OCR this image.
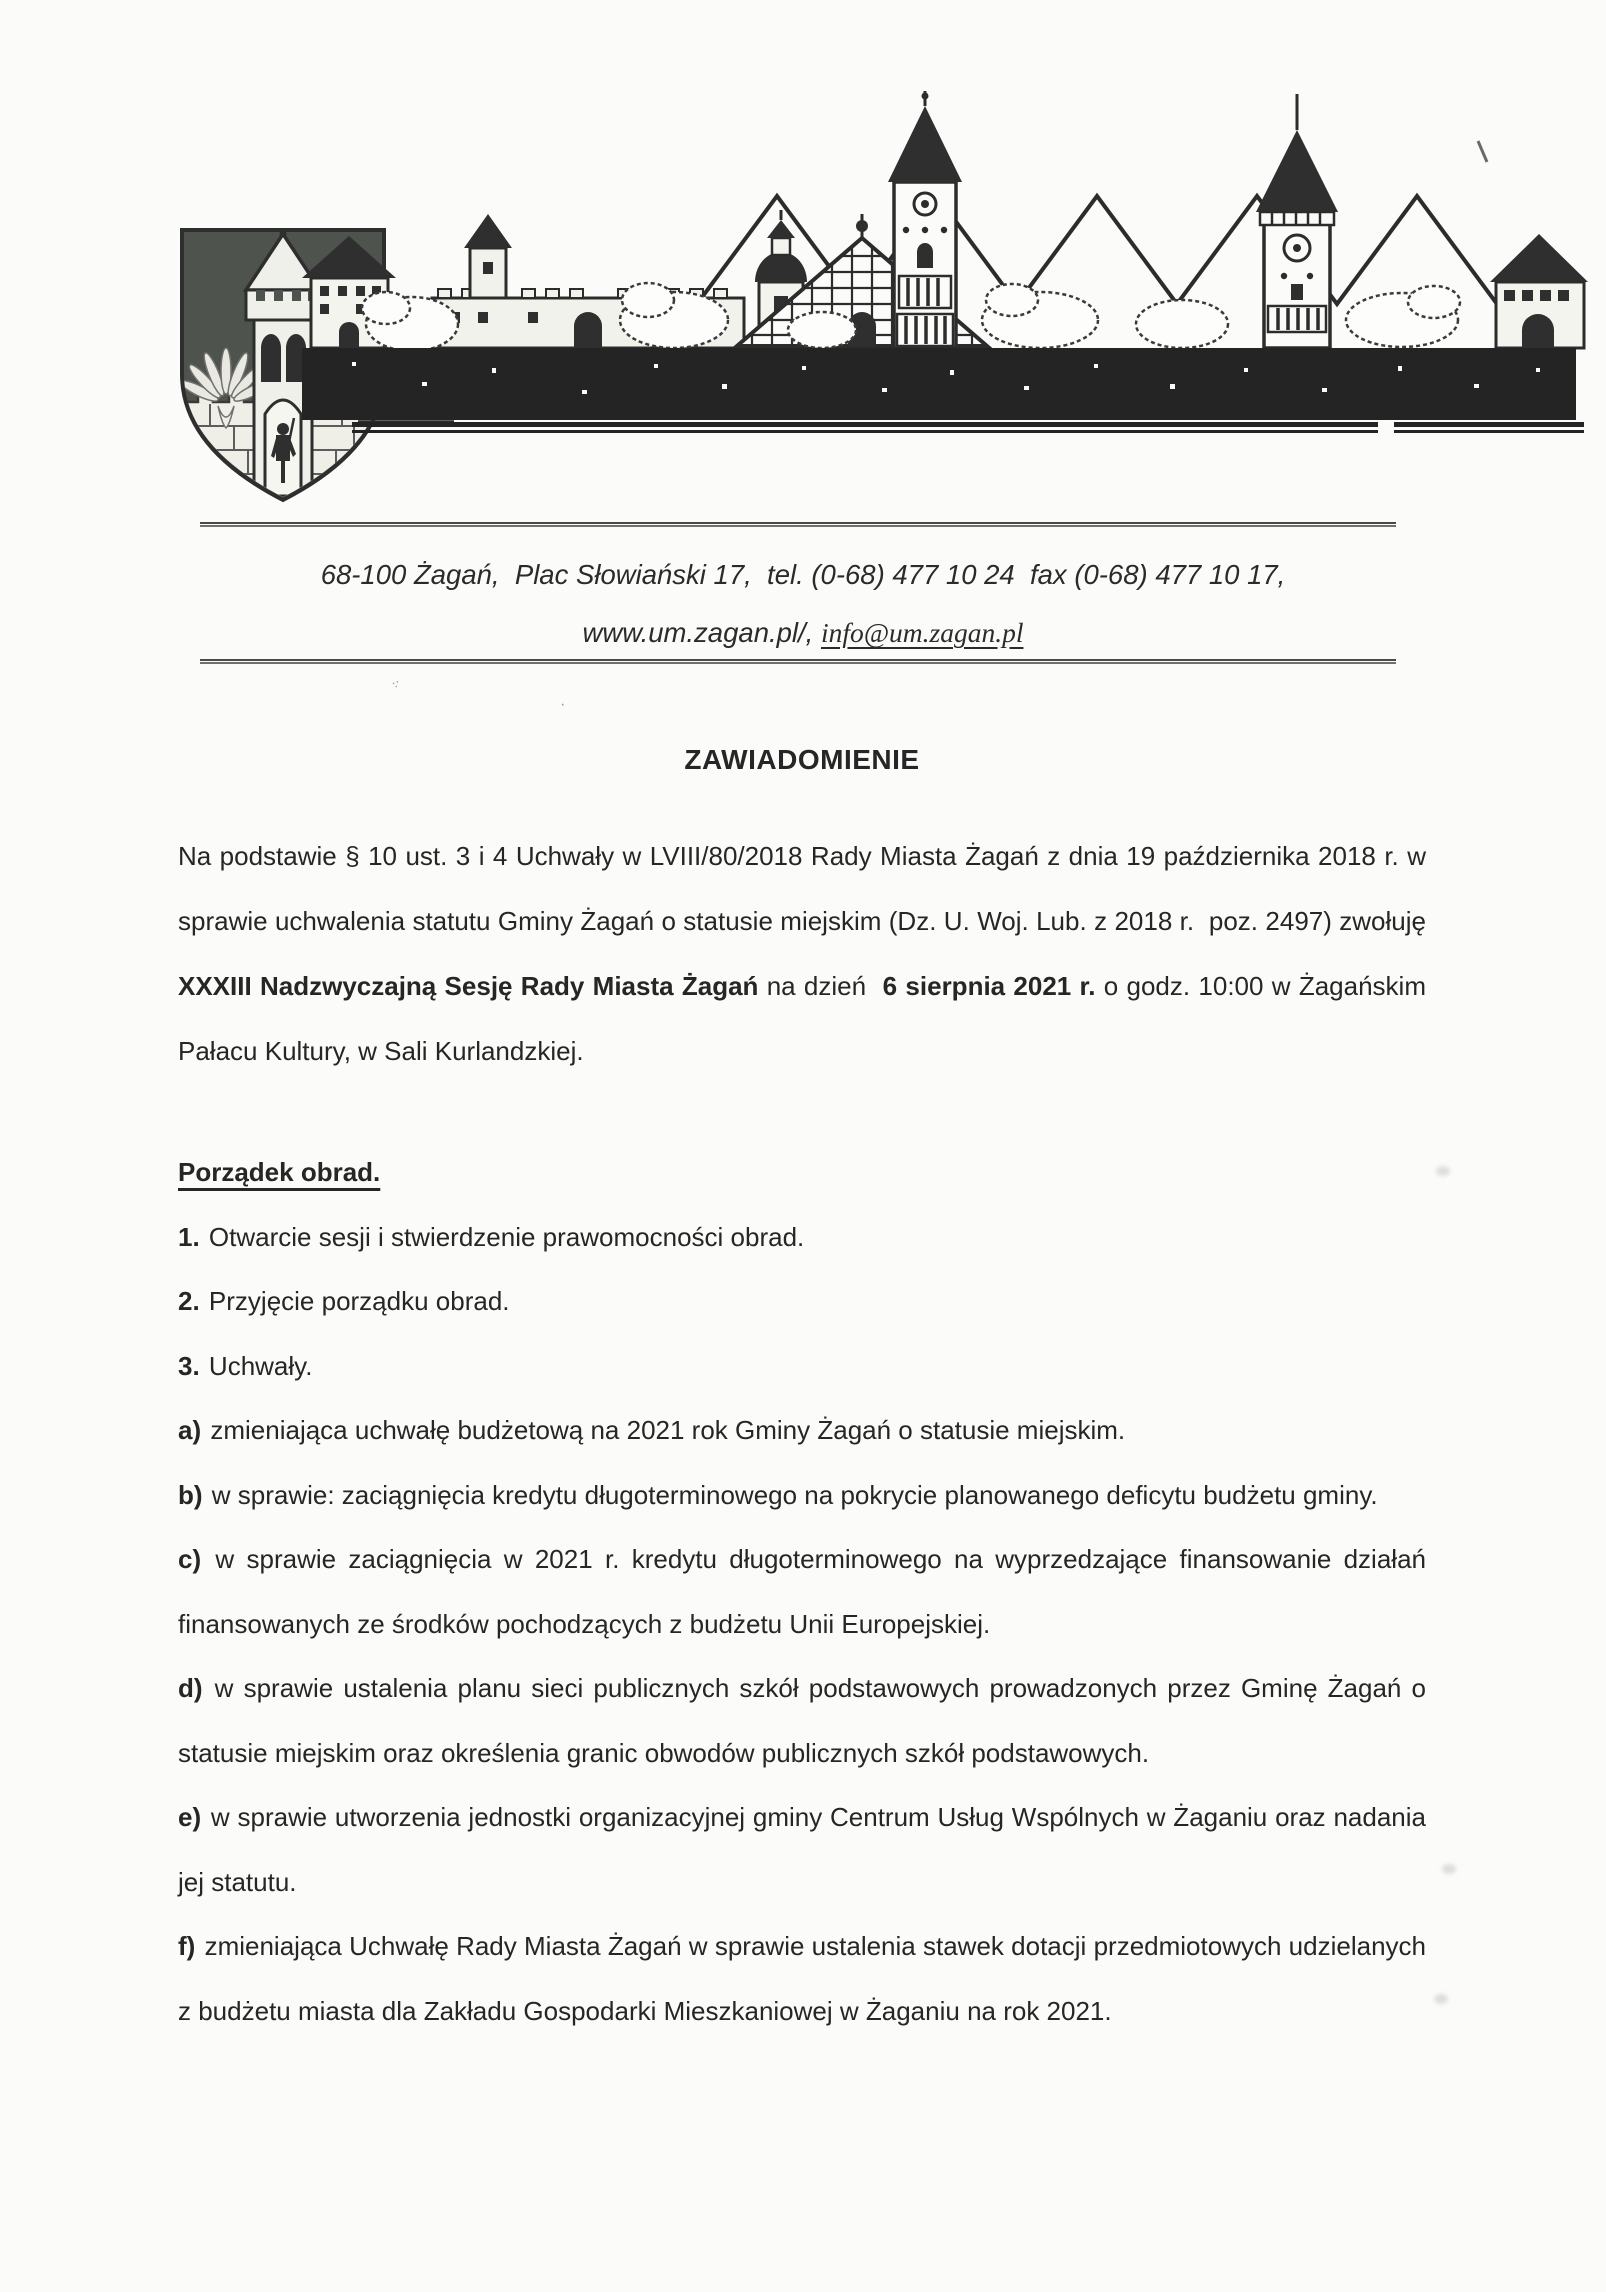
68-100 Żagań,  Plac Słowiański 17,  tel. (0-68) 477 10 24  fax (0-68) 477 10 17,
www.um.zagan.pl/, info@um.zagan.pl
ZAWIADOMIENIE

Na podstawie § 10 ust. 3 i 4 Uchwały w LVIII/80/2018 Rady Miasta Żagań z dnia 19 października 2018 r. w sprawie uchwalenia statutu Gminy Żagań o statusie miejskim (Dz. U. Woj. Lub. z 2018 r.  poz. 2497) zwołuję XXXIII Nadzwyczajną Sesję Rady Miasta Żagań na dzień  6 sierpnia 2021 r. o godz. 10:00 w Żagańskim Pałacu Kultury, w Sali Kurlandzkiej.

Porządek obrad.

1. Otwarcie sesji i stwierdzenie prawomocności obrad.

2. Przyjęcie porządku obrad.

3. Uchwały.

a) zmieniająca uchwałę budżetową na 2021 rok Gminy Żagań o statusie miejskim.

b) w sprawie: zaciągnięcia kredytu długoterminowego na pokrycie planowanego deficytu budżetu gminy.

c) w sprawie zaciągnięcia w 2021 r. kredytu długoterminowego na wyprzedzające finansowanie działań finansowanych ze środków pochodzących z budżetu Unii Europejskiej.

d) w sprawie ustalenia planu sieci publicznych szkół podstawowych prowadzonych przez Gminę Żagań o statusie miejskim oraz określenia granic obwodów publicznych szkół podstawowych.

e) w sprawie utworzenia jednostki organizacyjnej gminy Centrum Usług Wspólnych w Żaganiu oraz nadania jej statutu.

f) zmieniająca Uchwałę Rady Miasta Żagań w sprawie ustalenia stawek dotacji przedmiotowych udzielanych z budżetu miasta dla Zakładu Gospodarki Mieszkaniowej w Żaganiu na rok 2021.

·
⁖
